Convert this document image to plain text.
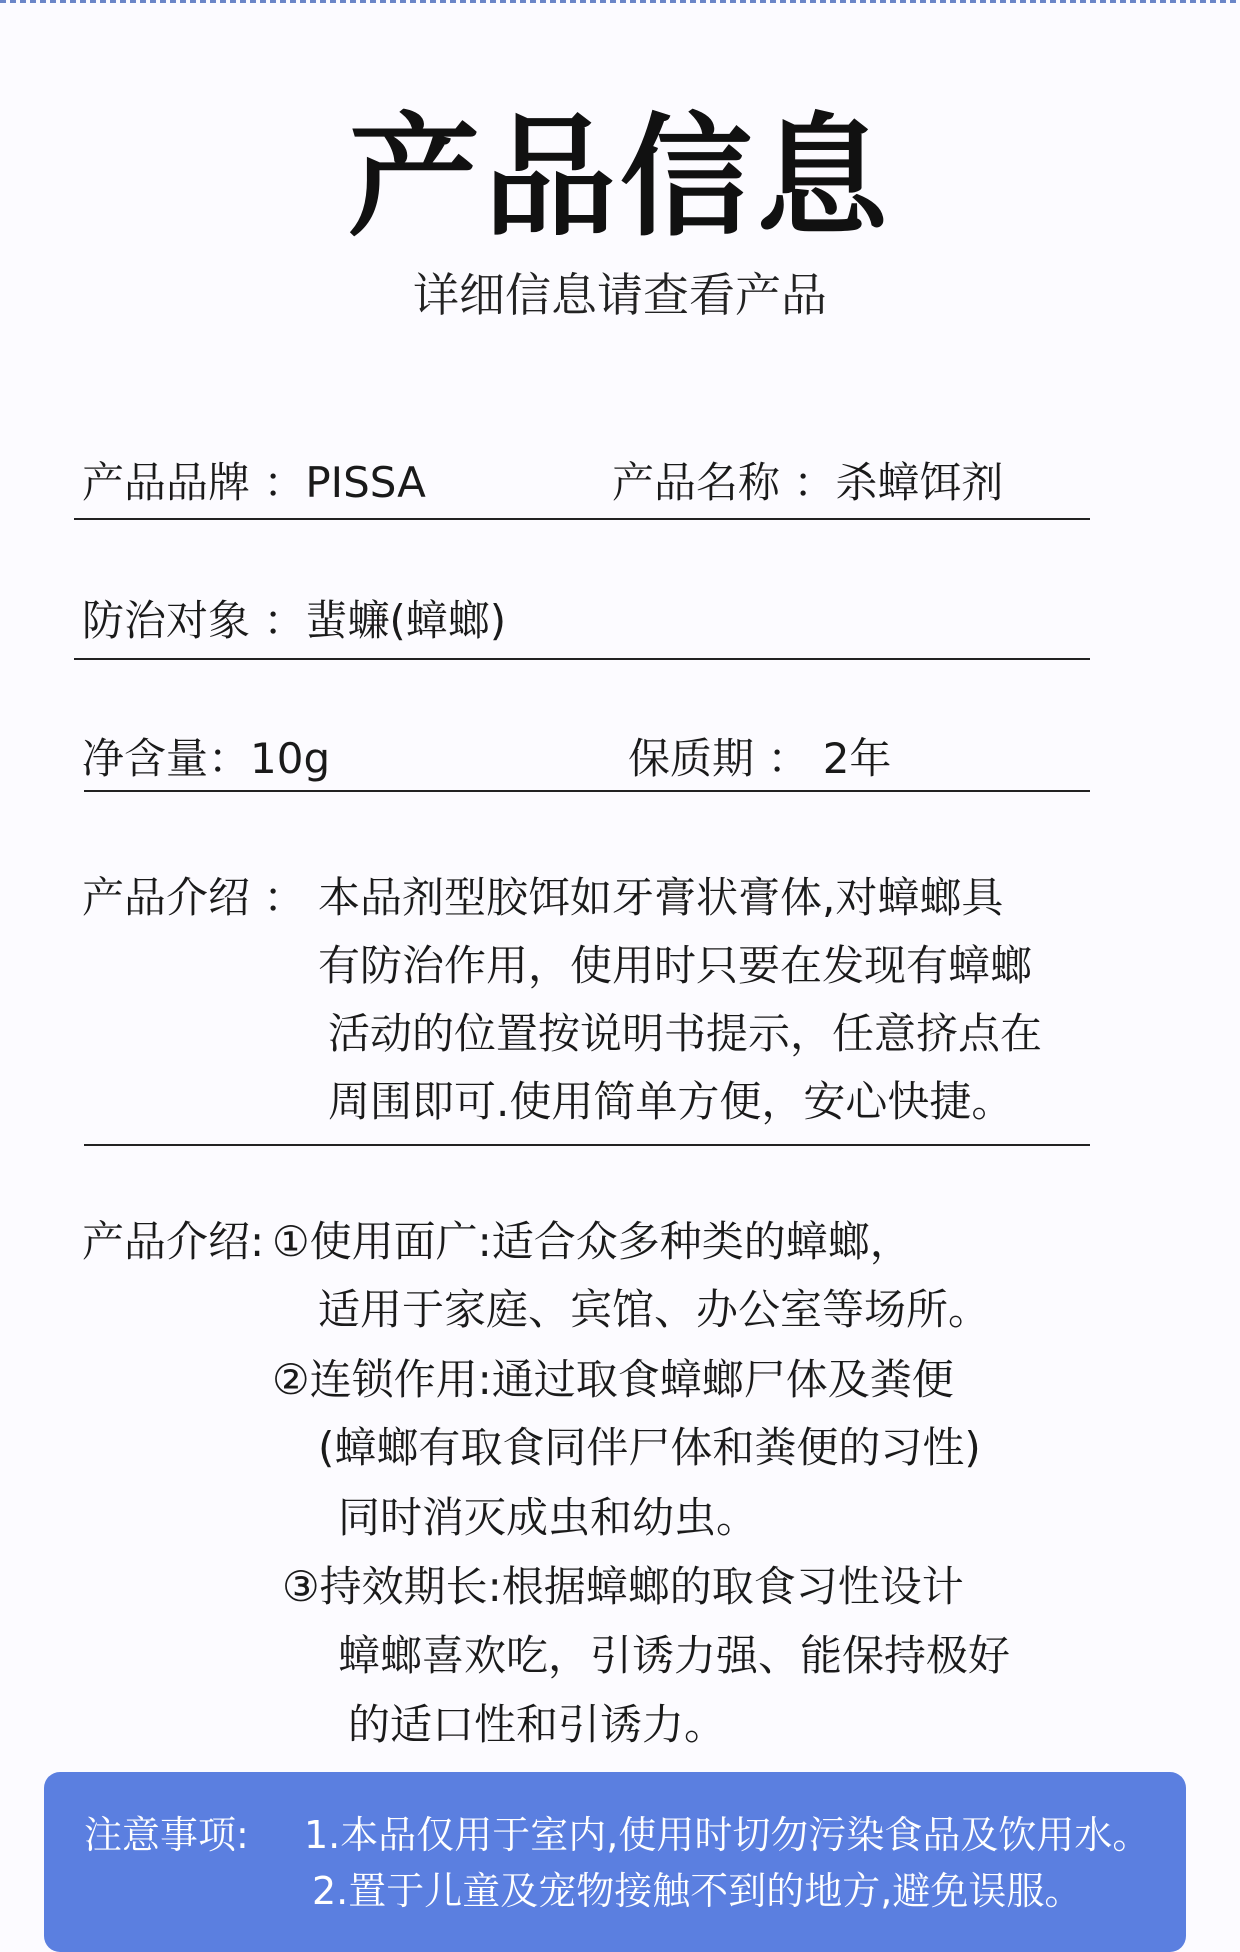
产品信息
详细信息请查看产品
产品品牌 ：PISSA	产品名称 ：杀蟑饵剂
防治对象 ：蜚蠊(蟑螂)
净含量：10g	保质期 ： 2年
产品介绍 ： 本品剂型胶饵如牙膏状膏体,对蟑螂具
有防治作用，使用时只要在发现有蟑螂
活动的位置按说明书提示，任意挤点在
周围即可.使用简单方便，安心快捷。
产品介绍: ①使用面广:适合众多种类的蟑螂，
适用于家庭、宾馆、办公室等场所。
②连锁作用:通过取食蟑螂尸体及粪便
(蟑螂有取食同伴尸体和粪便的习性)
同时消灭成虫和幼虫。
③持效期长:根据蟑螂的取食习性设计
蟑螂喜欢吃，引诱力强、能保持极好
的适口性和引诱力。
注意事项: 1.本品仅用于室内,使用时切勿污染食品及饮用水。
2.置于儿童及宠物接触不到的地方,避免误服。
